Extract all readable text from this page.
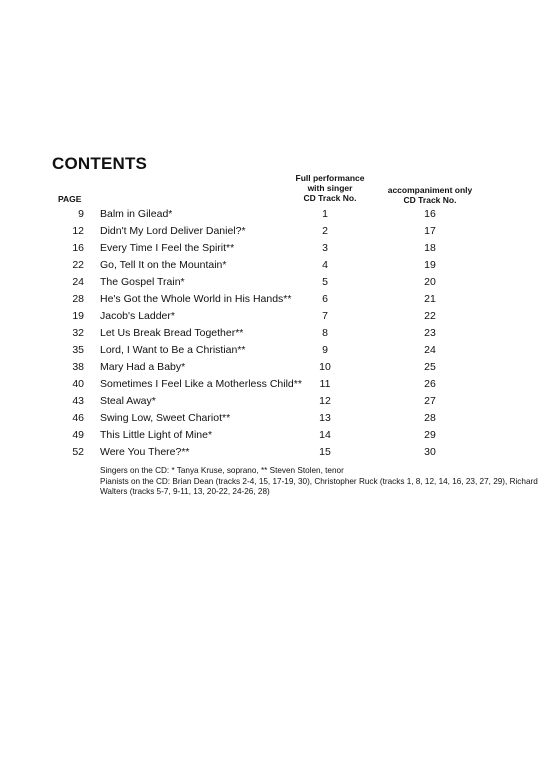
CONTENTS
PAGE
Full performance
with singer
CD Track No.
accompaniment only
CD Track No.
9 Balm in Gilead*	1	16
12 Didn't My Lord Deliver Daniel?*	2	17
16 Every Time I Feel the Spirit**	3	18
22 Go, Tell It on the Mountain*	4	19
24 The Gospel Train*	5	20
28 He's Got the Whole World in His Hands**	6	21
19 Jacob's Ladder*	7	22
32 Let Us Break Bread Together**	8	23
35 Lord, I Want to Be a Christian**	9	24
38 Mary Had a Baby*	10	25
40 Sometimes I Feel Like a Motherless Child**	11	26
43 Steal Away*	12	27
46 Swing Low, Sweet Chariot**	13	28
49 This Little Light of Mine*	14	29
52 Were You There?**	15	30
Singers on the CD: * Tanya Kruse, soprano, ** Steven Stolen, tenor
Pianists on the CD: Brian Dean (tracks 2-4, 15, 17-19, 30), Christopher Ruck (tracks 1, 8, 12, 14, 16, 23, 27, 29), Richard Walters (tracks 5-7, 9-11, 13, 20-22, 24-26, 28)
